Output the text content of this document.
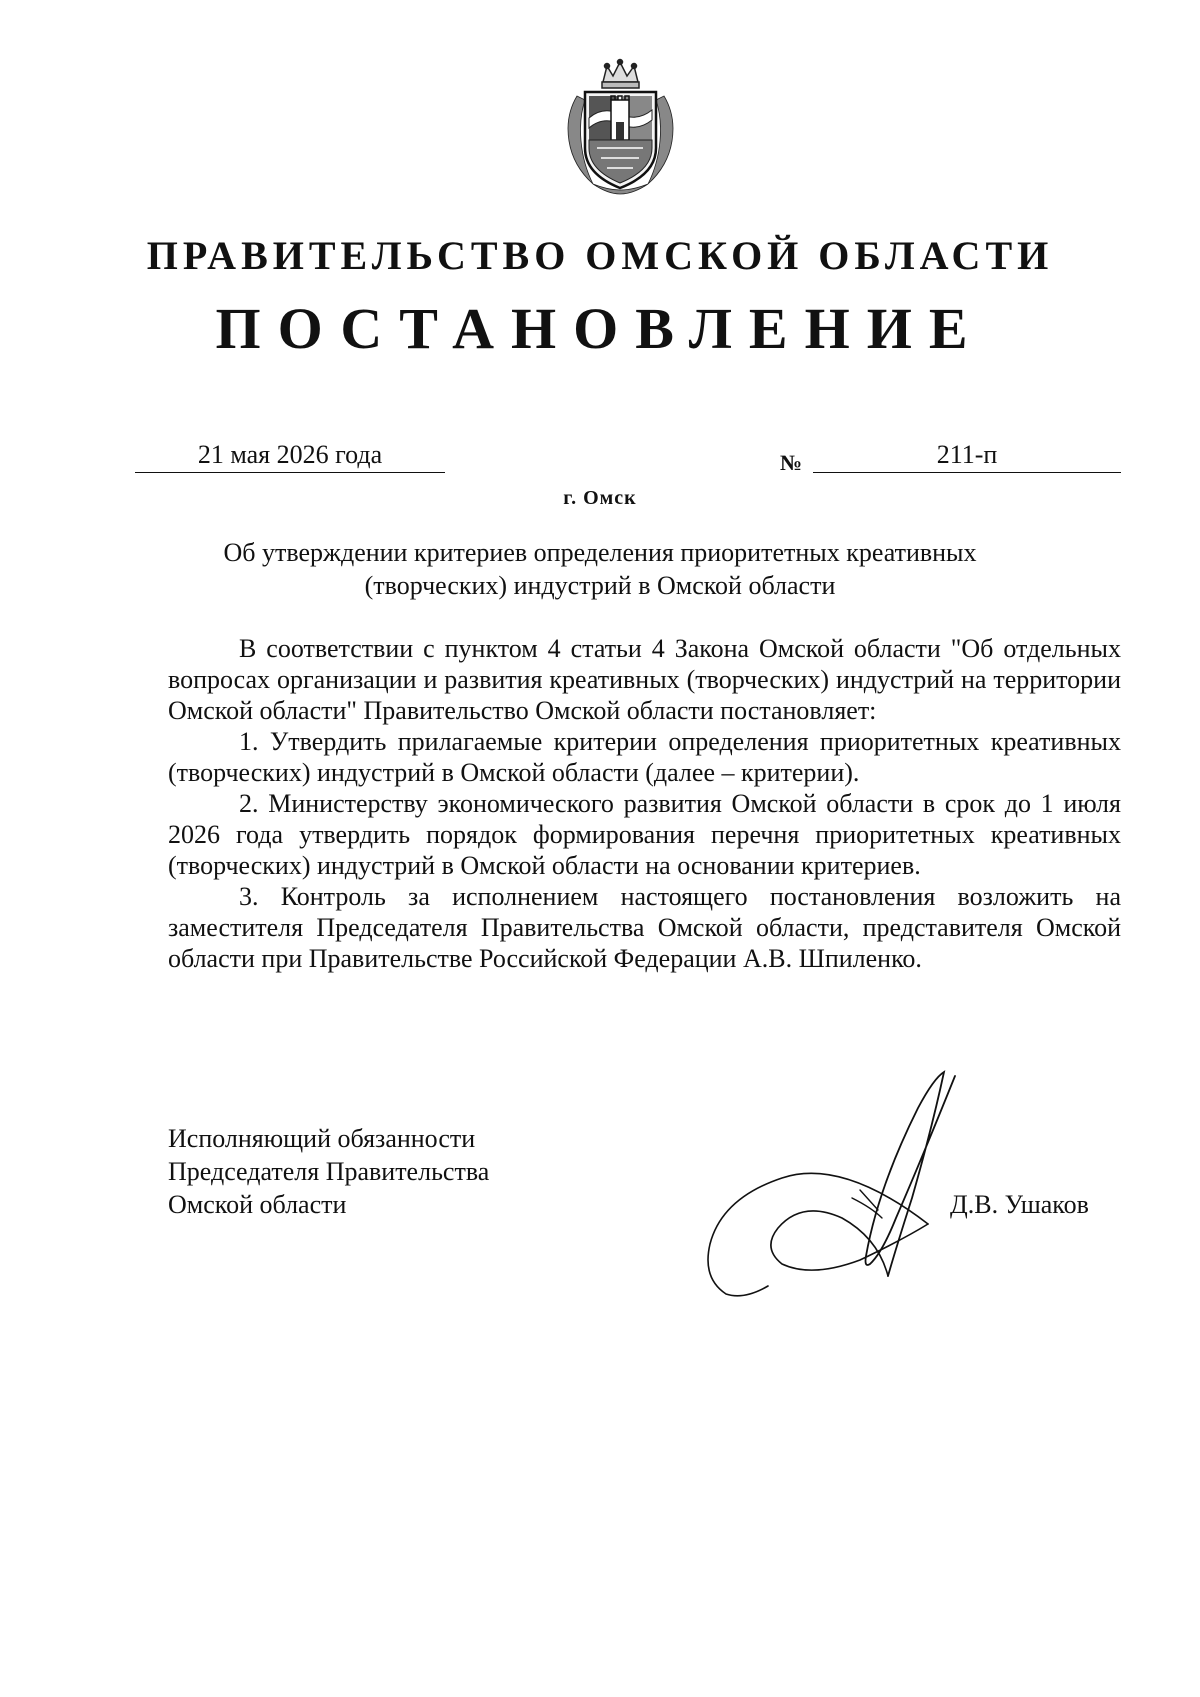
ПРАВИТЕЛЬСТВО ОМСКОЙ ОБЛАСТИ
ПОСТАНОВЛЕНИЕ
21 мая 2026 года	№	211-п
г. Омск
Об утверждении критериев определения приоритетных креативных
(творческих) индустрий в Омской области

В соответствии с пунктом 4 статьи 4 Закона Омской области "Об отдельных вопросах организации и развития креативных (творческих) индустрий на территории Омской области" Правительство Омской области постановляет:

1. Утвердить прилагаемые критерии определения приоритетных креативных (творческих) индустрий в Омской области (далее – критерии).

2. Министерству экономического развития Омской области в срок до 1 июля 2026 года утвердить порядок формирования перечня приоритетных креативных (творческих) индустрий в Омской области на основании критериев.

3. Контроль за исполнением настоящего постановления возложить на заместителя Председателя Правительства Омской области, представителя Омской области при Правительстве Российской Федерации А.В. Шпиленко.

Исполняющий обязанности
Председателя Правительства
Омской области	Д.В. Ушаков
